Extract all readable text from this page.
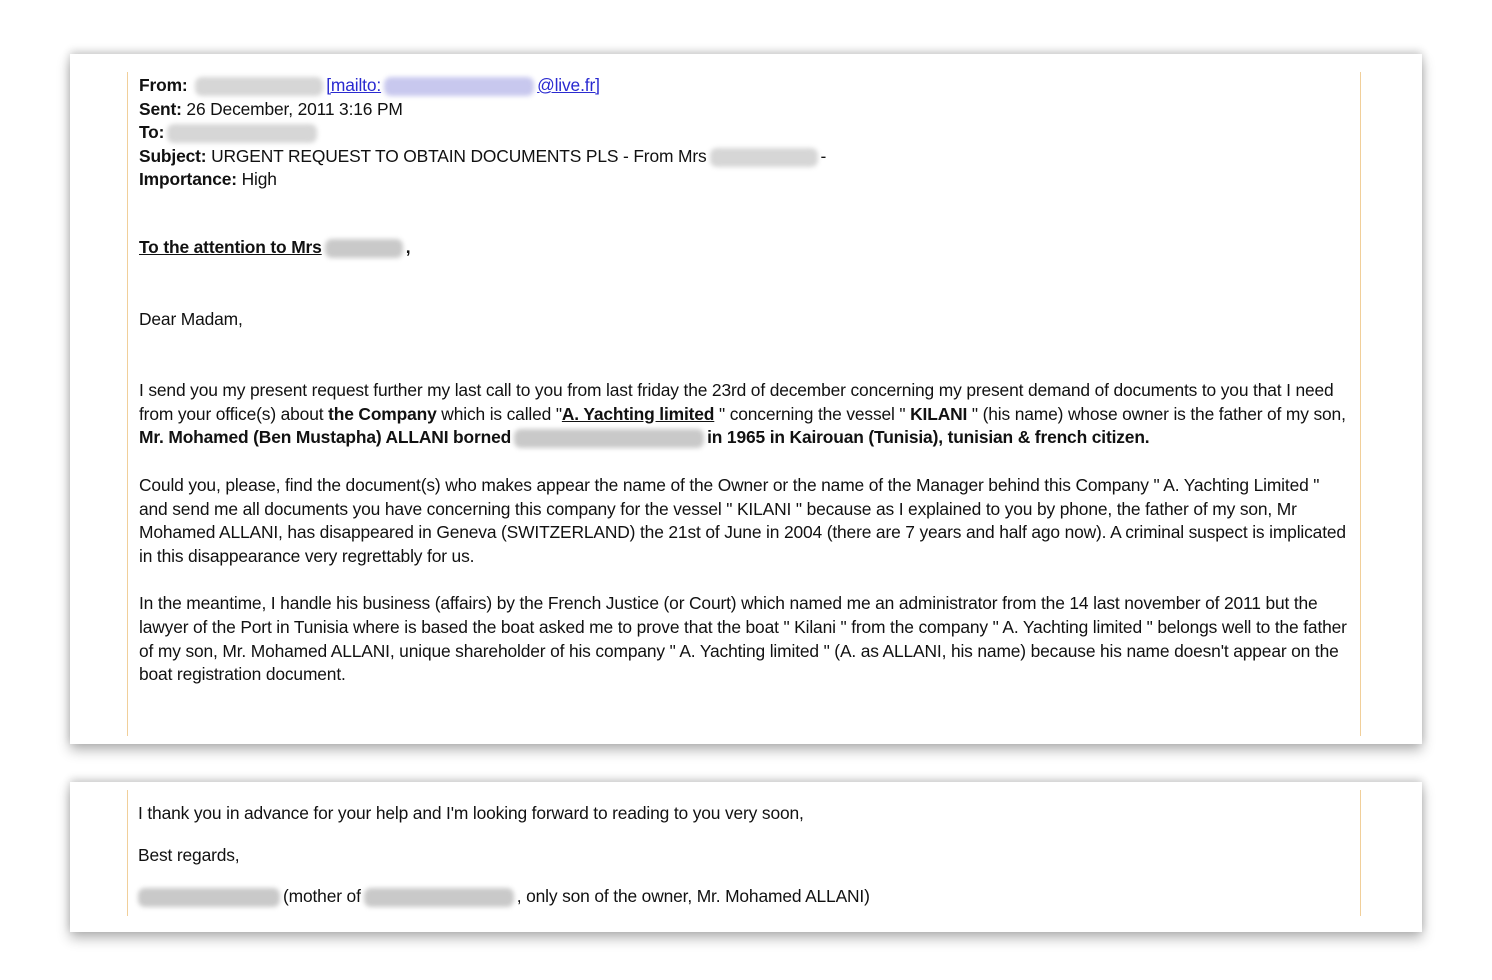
From:	[mailto:	@live.fr]
Sent: 26 December, 2011 3:16 PM
To:
Subject: URGENT REQUEST TO OBTAIN DOCUMENTS PLS - From Mrs	-
Importance: High
To the attention to Mrs	,
Dear Madam,
I send you my present request further my last call to you from last friday the 23rd of december concerning my present demand of documents to you that I need from your office(s) about the Company which is called "A. Yachting limited " concerning the vessel " KILANI " (his name) whose owner is the father of my son, Mr. Mohamed (Ben Mustapha) ALLANI borned	in 1965 in Kairouan (Tunisia), tunisian & french citizen.
Could you, please, find the document(s) who makes appear the name of the Owner or the name of the Manager behind this Company " A. Yachting Limited " and send me all documents you have concerning this company for the vessel " KILANI " because as I explained to you by phone, the father of my son, Mr Mohamed ALLANI, has disappeared in Geneva (SWITZERLAND) the 21st of June in 2004 (there are 7 years and half ago now). A criminal suspect is implicated in this disappearance very regrettably for us.
In the meantime, I handle his business (affairs) by the French Justice (or Court) which named me an administrator from the 14 last november of 2011 but the lawyer of the Port in Tunisia where is based the boat asked me to prove that the boat " Kilani " from the company " A. Yachting limited " belongs well to the father of my son, Mr. Mohamed ALLANI, unique shareholder of his company " A. Yachting limited " (A. as ALLANI, his name) because his name doesn't appear on the boat registration document.
I thank you in advance for your help and I'm looking forward to reading to you very soon,
Best regards,
(mother of	, only son of the owner, Mr. Mohamed ALLANI)
